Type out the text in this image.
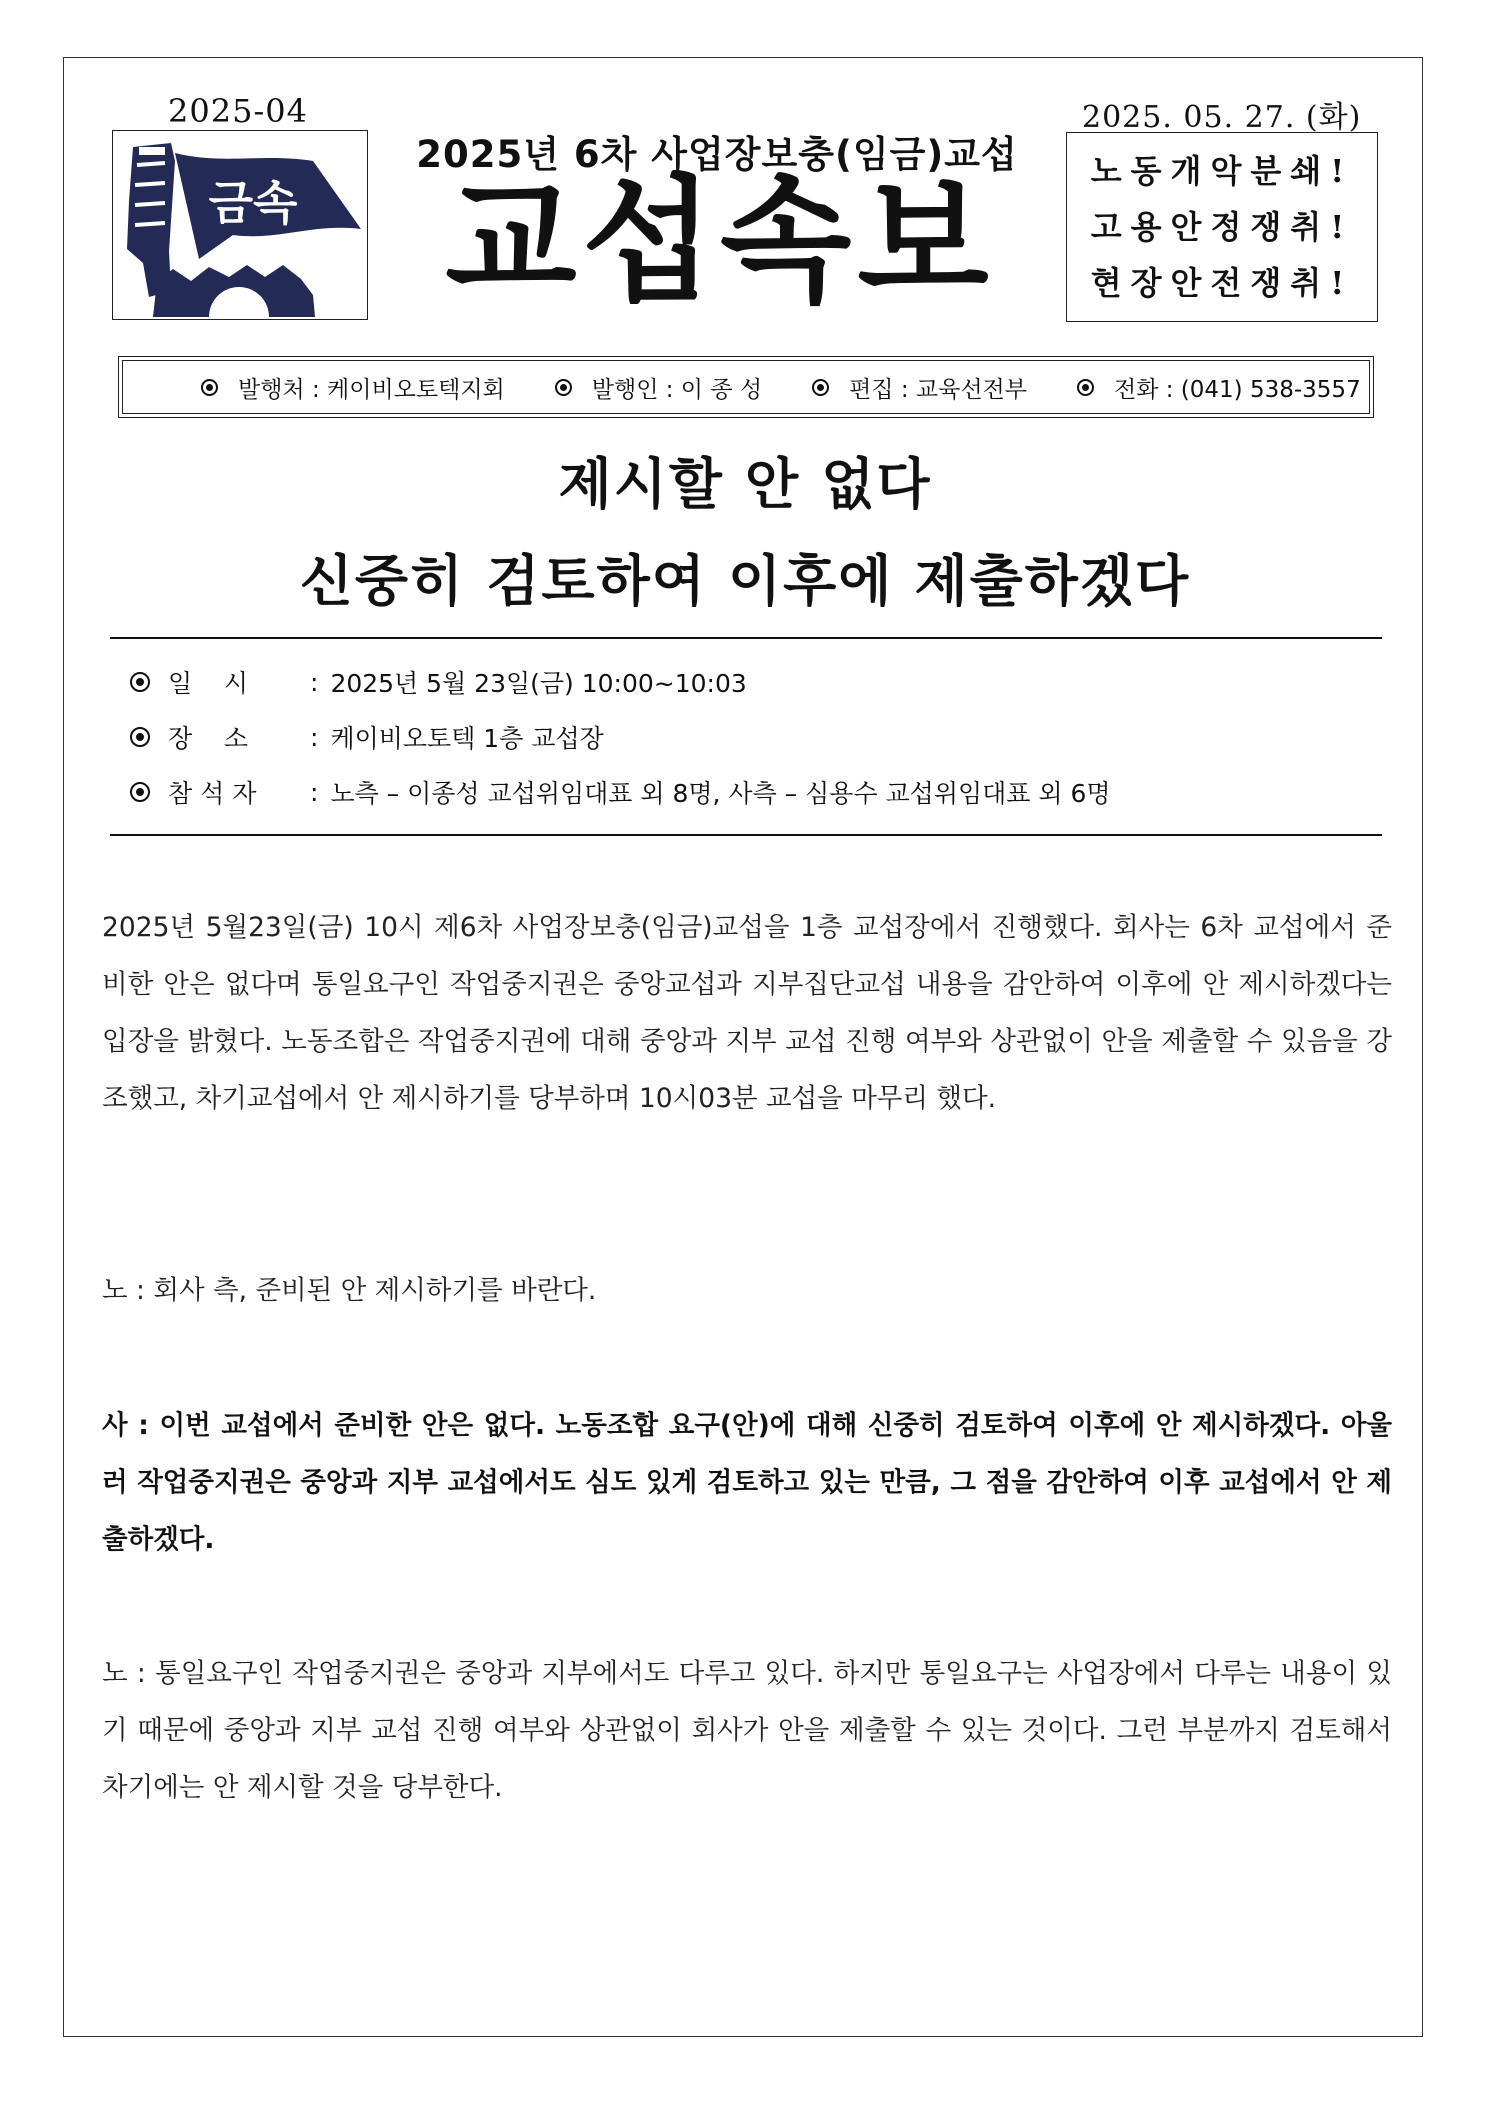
2025-04	2025. 05. 27. (화)
금속
2025년 6차 사업장보충(임금)교섭
교섭속보	노동개악분쇄!
고용안정쟁취!
현장안전쟁취!
발행처 : 케이비오토텍지회	발행인 : 이 종 성	편집 : 교육선전부	전화 : (041) 538-3557
제시할 안 없다
신중히 검토하여 이후에 제출하겠다
일    시	: 2025년 5월 23일(금) 10:00~10:03
장    소	: 케이비오토텍 1층 교섭장
참 석 자	: 노측 – 이종성 교섭위임대표 외 8명, 사측 – 심용수 교섭위임대표 외 6명

2025년 5월23일(금) 10시 제6차 사업장보충(임금)교섭을 1층 교섭장에서 진행했다. 회사는 6차 교섭에서 준비한 안은 없다며 통일요구인 작업중지권은 중앙교섭과 지부집단교섭 내용을 감안하여 이후에 안 제시하겠다는 입장을 밝혔다. 노동조합은 작업중지권에 대해 중앙과 지부 교섭 진행 여부와 상관없이 안을 제출할 수 있음을 강조했고, 차기교섭에서 안 제시하기를 당부하며 10시03분 교섭을 마무리 했다.

노 : 회사 측, 준비된 안 제시하기를 바란다.

사 : 이번 교섭에서 준비한 안은 없다. 노동조합 요구(안)에 대해 신중히 검토하여 이후에 안 제시하겠다. 아울러 작업중지권은 중앙과 지부 교섭에서도 심도 있게 검토하고 있는 만큼, 그 점을 감안하여 이후 교섭에서 안 제출하겠다.

노 : 통일요구인 작업중지권은 중앙과 지부에서도 다루고 있다. 하지만 통일요구는 사업장에서 다루는 내용이 있기 때문에 중앙과 지부 교섭 진행 여부와 상관없이 회사가 안을 제출할 수 있는 것이다. 그런 부분까지 검토해서 차기에는 안 제시할 것을 당부한다.
